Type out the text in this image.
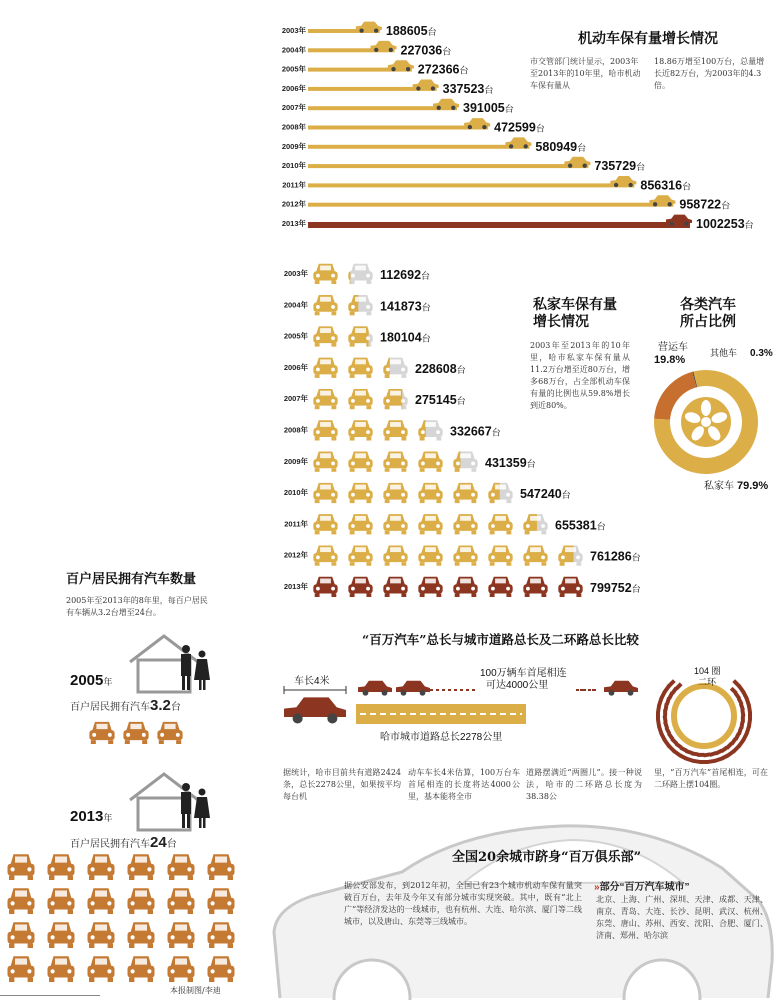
机动车保有量增长情况
市交管部门统计显示，2003年至2013年的10年里，哈市机动车保有量从
18.86万增至100万台，总量增长近82万台，为2003年的4.3倍。
2003年	188605台
2004年	227036台
2005年	272366台
2006年	337523台
2007年	391005台
2008年	472599台
2009年	580949台
2010年	735729台
2011年	856316台
2012年	958722台
2013年	1002253台
私家车保有量
增长情况
2003年至2013年的10年里，哈市私家车保有量从11.2万台增至近80万台，增多68万台，占全部机动车保有量的比例也从59.8%增长到近80%。
2003年	112692台
2004年	141873台
2005年	180104台
2006年	228608台
2007年	275145台
2008年	332667台
2009年	431359台
2010年	547240台
2011年	655381台
2012年	761286台
2013年	799752台
各类汽车
所占比例
营运车
19.8%
其他车 0.3%
私家车 79.9%
百户居民拥有汽车数量
2005年至2013年的8年里，每百户居民有车辆从3.2台增至24台。
2005年
百户居民拥有汽车3.2台
2013年
百户居民拥有汽车24台
本报制图/李迪
“百万汽车”总长与城市道路总长及二环路总长比较
车长4米
100万辆车首尾相连
可达4000公里
哈市城市道路总长2278公里
104 圈
二环
据统计，哈市目前共有道路2424条，总长2278公里，如果按平均每台机
动车车长4米估算，100万台车首尾相连的长度将达4000公里，基本能将全市
道路摆满近“两圈儿”。接一种说法，哈市的二环路总长度为38.38公
里，“百万汽车”首尾相连，可在二环路上摆104圈。
全国20余城市跻身“百万俱乐部”
据公安部发布，到2012年初，全国已有23个城市机动车保有量突破百万台，去年及今年又有部分城市实现突破。其中，既有“北上广”等经济发达的一线城市，也有杭州、大连、哈尔滨、厦门等二线城市，以及唐山、东莞等三线城市。
»部分“百万汽车城市”
北京、上海、广州、深圳、天津、成都、天津、南京、青岛、大连、长沙、昆明、武汉、杭州、东莞、唐山、苏州、西安、沈阳、合肥、厦门、济南、郑州、哈尔滨
